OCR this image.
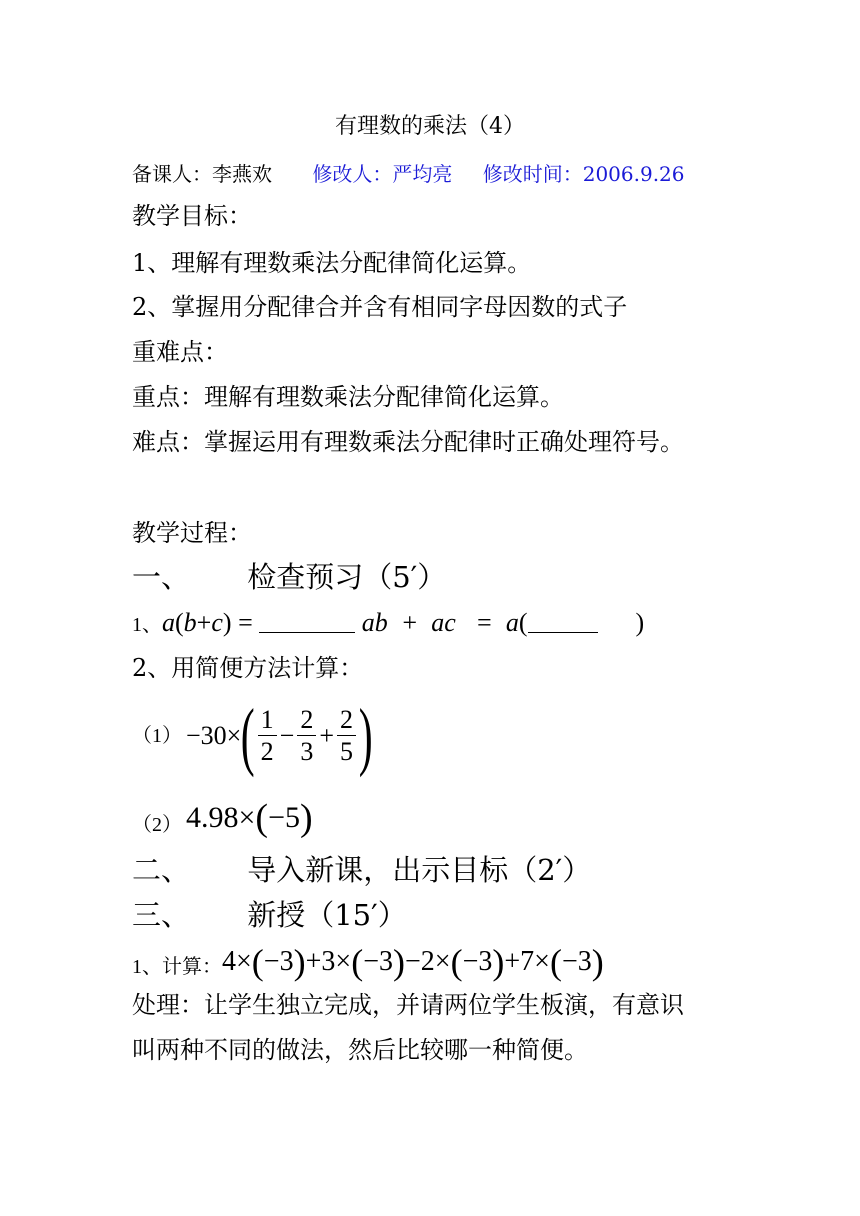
有理数的乘法（4）
备课人：李燕欢 修改人：严均亮 修改时间：2006.9.26
教学目标：
1、理解有理数乘法分配律简化运算。
2、掌握用分配律合并含有相同字母因数的式子
重难点：
重点：理解有理数乘法分配律简化运算。
难点：掌握运用有理数乘法分配律时正确处理符号。
教学过程：
一、 检查预习（5′）
1、a(b+c) =	ab  +  ac   =  a(	)
2、用简便方法计算：
（1） −30× ( $\frac{1}{2} - \frac{2}{3} + \frac{2}{5}$ )
（2） 4.98× ( −5 )
二、 导入新课，出示目标（2′）
三、 新授（15′）
1、计算： 4× ( −3 ) + 3× ( −3 ) − 2× ( −3 ) + 7× ( −3 )
处理：让学生独立完成，并请两位学生板演，有意识
叫两种不同的做法，然后比较哪一种简便。
